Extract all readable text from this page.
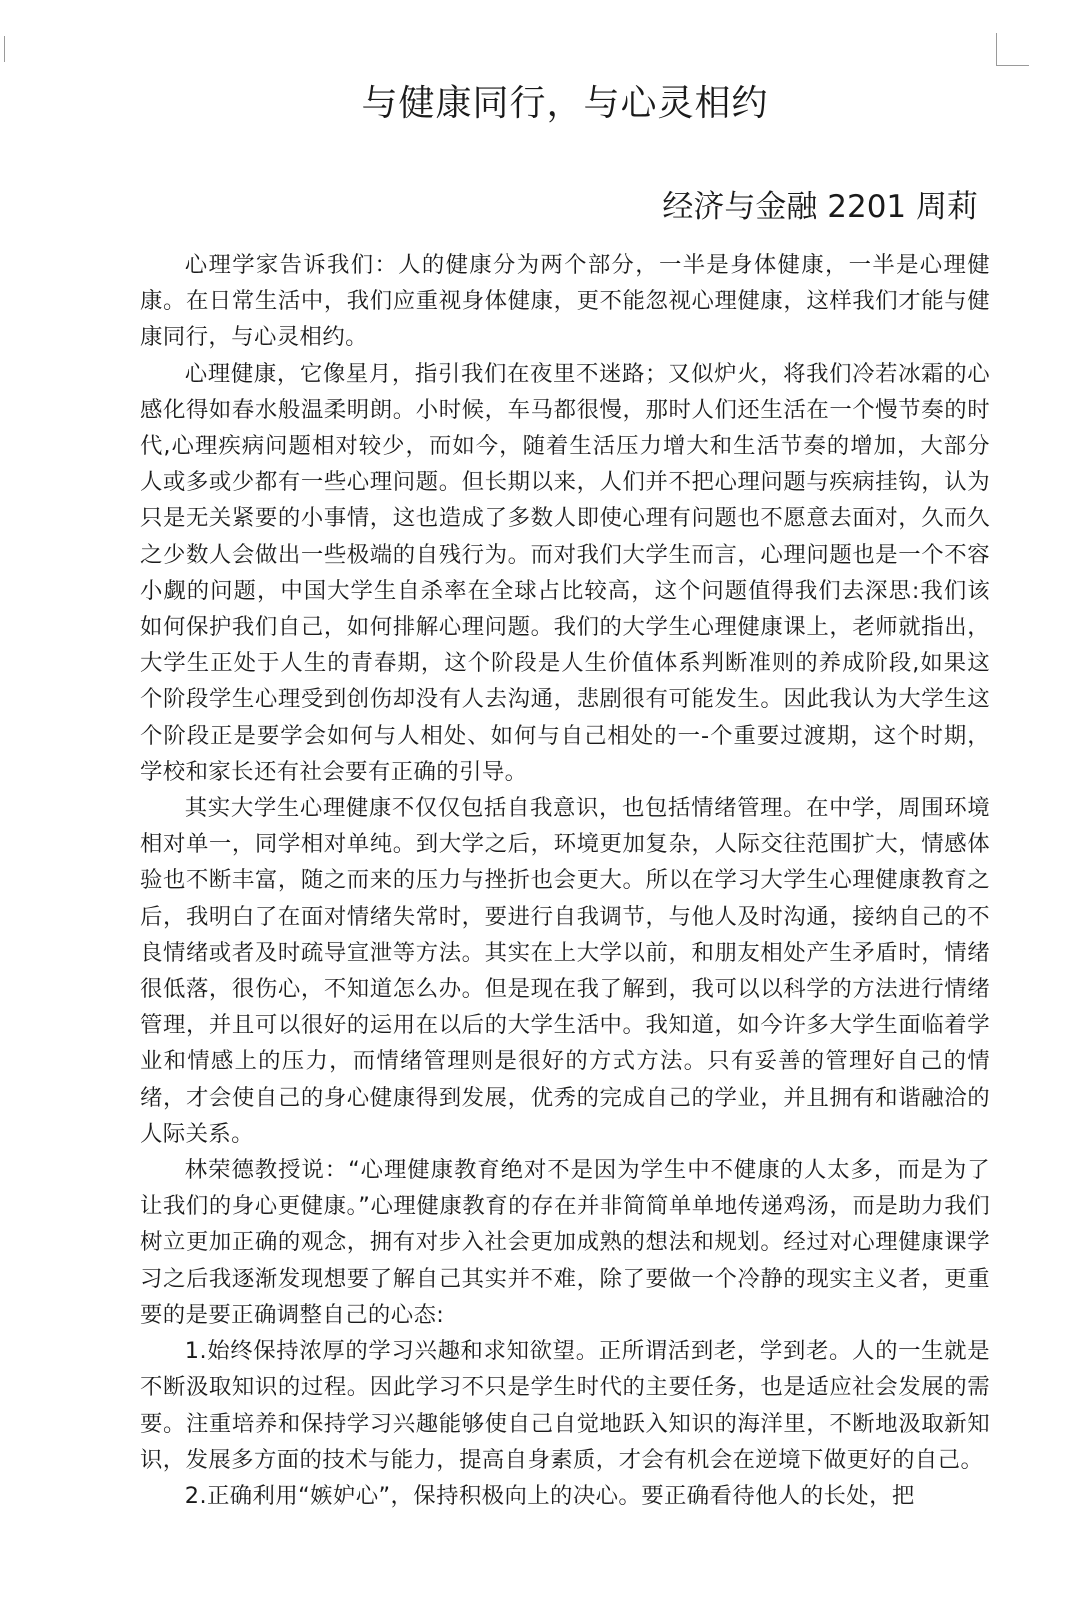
与健康同行，与心灵相约
经济与金融 2201 周莉

心理学家告诉我们：人的健康分为两个部分，一半是身体健康，一半是心理健康。在日常生活中，我们应重视身体健康，更不能忽视心理健康，这样我们才能与健康同行，与心灵相约。

心理健康，它像星月，指引我们在夜里不迷路；又似炉火，将我们冷若冰霜的心感化得如春水般温柔明朗。小时候，车马都很慢，那时人们还生活在一个慢节奏的时代,心理疾病问题相对较少，而如今，随着生活压力增大和生活节奏的增加，大部分人或多或少都有一些心理问题。但长期以来，人们并不把心理问题与疾病挂钩，认为只是无关紧要的小事情，这也造成了多数人即使心理有问题也不愿意去面对，久而久之少数人会做出一些极端的自残行为。而对我们大学生而言，心理问题也是一个不容小觑的问题，中国大学生自杀率在全球占比较高，这个问题值得我们去深思:我们该如何保护我们自己，如何排解心理问题。我们的大学生心理健康课上，老师就指出，大学生正处于人生的青春期，这个阶段是人生价值体系判断准则的养成阶段,如果这个阶段学生心理受到创伤却没有人去沟通，悲剧很有可能发生。因此我认为大学生这个阶段正是要学会如何与人相处、如何与自己相处的一-个重要过渡期，这个时期，学校和家长还有社会要有正确的引导。

其实大学生心理健康不仅仅包括自我意识，也包括情绪管理。在中学，周围环境相对单一，同学相对单纯。到大学之后，环境更加复杂，人际交往范围扩大，情感体验也不断丰富，随之而来的压力与挫折也会更大。所以在学习大学生心理健康教育之后，我明白了在面对情绪失常时，要进行自我调节，与他人及时沟通，接纳自己的不良情绪或者及时疏导宣泄等方法。其实在上大学以前，和朋友相处产生矛盾时，情绪很低落，很伤心，不知道怎么办。但是现在我了解到，我可以以科学的方法进行情绪管理，并且可以很好的运用在以后的大学生活中。我知道，如今许多大学生面临着学业和情感上的压力，而情绪管理则是很好的方式方法。只有妥善的管理好自己的情绪，才会使自己的身心健康得到发展，优秀的完成自己的学业，并且拥有和谐融洽的人际关系。

林荣德教授说：“心理健康教育绝对不是因为学生中不健康的人太多，而是为了让我们的身心更健康。”心理健康教育的存在并非简简单单地传递鸡汤，而是助力我们树立更加正确的观念，拥有对步入社会更加成熟的想法和规划。经过对心理健康课学习之后我逐渐发现想要了解自己其实并不难，除了要做一个冷静的现实主义者，更重要的是要正确调整自己的心态:

1.始终保持浓厚的学习兴趣和求知欲望。正所谓活到老，学到老。人的一生就是不断汲取知识的过程。因此学习不只是学生时代的主要任务，也是适应社会发展的需要。注重培养和保持学习兴趣能够使自己自觉地跃入知识的海洋里，不断地汲取新知识，发展多方面的技术与能力，提高自身素质，才会有机会在逆境下做更好的自己。

2.正确利用“嫉妒心”，保持积极向上的决心。要正确看待他人的长处，把
